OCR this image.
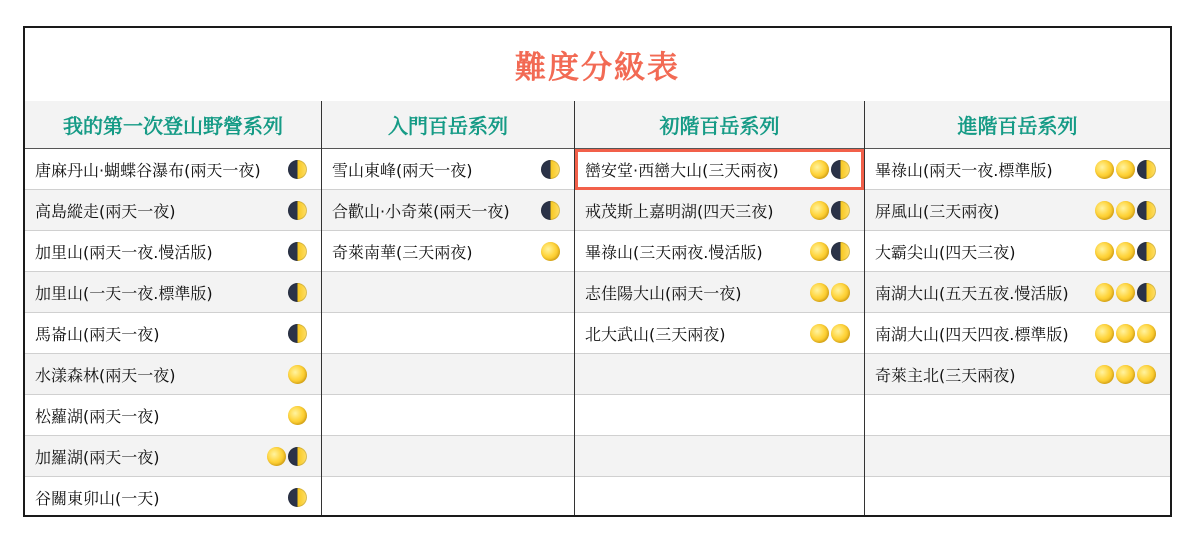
難度分級表
我的第一次登山野營系列
唐麻丹山·蝴蝶谷瀑布(兩天一夜)
高島縱走(兩天一夜)
加里山(兩天一夜.慢活版)
加里山(一天一夜.標準版)
馬崙山(兩天一夜)
水漾森林(兩天一夜)
松蘿湖(兩天一夜)
加羅湖(兩天一夜)
谷關東卯山(一天)
入門百岳系列
雪山東峰(兩天一夜)
合歡山·小奇萊(兩天一夜)
奇萊南華(三天兩夜)
初階百岳系列
巒安堂·西巒大山(三天兩夜)
戒茂斯上嘉明湖(四天三夜)
畢祿山(三天兩夜.慢活版)
志佳陽大山(兩天一夜)
北大武山(三天兩夜)
進階百岳系列
畢祿山(兩天一夜.標準版)
屏風山(三天兩夜)
大霸尖山(四天三夜)
南湖大山(五天五夜.慢活版)
南湖大山(四天四夜.標準版)
奇萊主北(三天兩夜)
